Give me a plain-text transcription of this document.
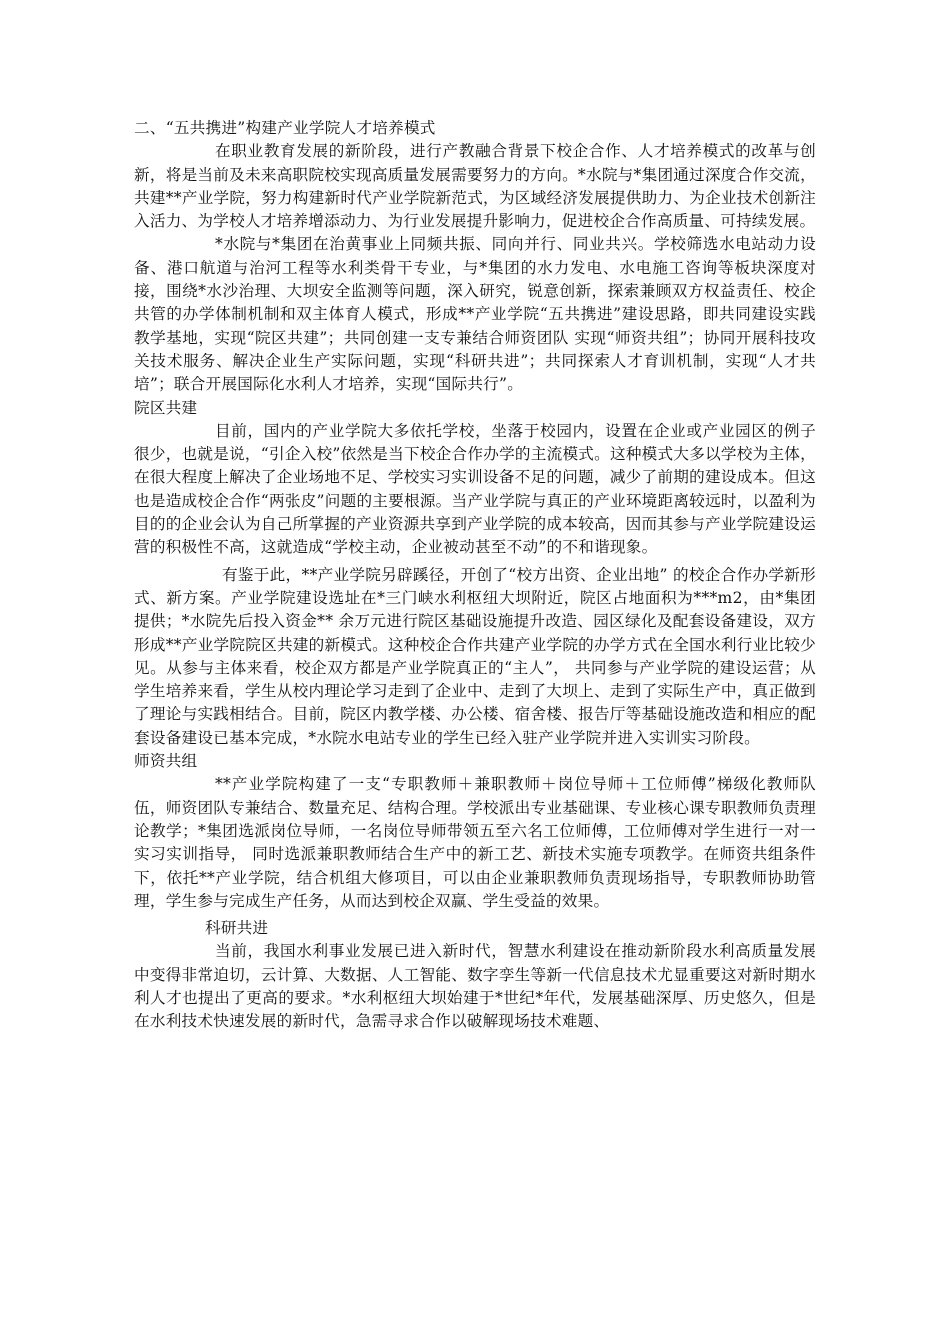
二、“五共携进”构建产业学院人才培养模式

在职业教育发展的新阶段，进行产教融合背景下校企合作、人才培养模式的改革与创新，将是当前及未来高职院校实现高质量发展需要努力的方向。*水院与*集团通过深度合作交流，共建**产业学院，努力构建新时代产业学院新范式，为区域经济发展提供助力、为企业技术创新注入活力、为学校人才培养增添动力、为行业发展提升影响力，促进校企合作高质量、可持续发展。

*水院与*集团在治黄事业上同频共振、同向并行、同业共兴。学校筛选水电站动力设备、港口航道与治河工程等水利类骨干专业，与*集团的水力发电、水电施工咨询等板块深度对接，围绕*水沙治理、大坝安全监测等问题，深入研究，锐意创新，探索兼顾双方权益责任、校企共管的办学体制机制和双主体育人模式，形成**产业学院“五共携进”建设思路，即共同建设实践教学基地，实现“院区共建”；共同创建一支专兼结合师资团队 实现“师资共组”；协同开展科技攻关技术服务、解决企业生产实际问题，实现“科研共进”；共同探索人才育训机制，实现“人才共培”；联合开展国际化水利人才培养，实现“国际共行”。

院区共建

目前，国内的产业学院大多依托学校，坐落于校园内，设置在企业或产业园区的例子很少，也就是说，“引企入校”依然是当下校企合作办学的主流模式。这种模式大多以学校为主体，在很大程度上解决了企业场地不足、学校实习实训设备不足的问题，减少了前期的建设成本。但这也是造成校企合作“两张皮”问题的主要根源。当产业学院与真正的产业环境距离较远时，以盈利为目的的企业会认为自己所掌握的产业资源共享到产业学院的成本较高，因而其参与产业学院建设运营的积极性不高，这就造成“学校主动，企业被动甚至不动”的不和谐现象。

有鉴于此，**产业学院另辟蹊径，开创了“校方出资、企业出地” 的校企合作办学新形式、新方案。产业学院建设选址在*三门峡水利枢纽大坝附近，院区占地面积为***m2，由*集团提供；*水院先后投入资金** 余万元进行院区基础设施提升改造、园区绿化及配套设备建设，双方形成**产业学院院区共建的新模式。这种校企合作共建产业学院的办学方式在全国水利行业比较少见。从参与主体来看，校企双方都是产业学院真正的“主人”， 共同参与产业学院的建设运营；从学生培养来看，学生从校内理论学习走到了企业中、走到了大坝上、走到了实际生产中，真正做到了理论与实践相结合。目前，院区内教学楼、办公楼、宿舍楼、报告厅等基础设施改造和相应的配套设备建设已基本完成，*水院水电站专业的学生已经入驻产业学院并进入实训实习阶段。

师资共组

**产业学院构建了一支“专职教师＋兼职教师＋岗位导师＋工位师傅”梯级化教师队伍，师资团队专兼结合、数量充足、结构合理。学校派出专业基础课、专业核心课专职教师负责理论教学；*集团选派岗位导师，一名岗位导师带领五至六名工位师傅，工位师傅对学生进行一对一实习实训指导， 同时选派兼职教师结合生产中的新工艺、新技术实施专项教学。在师资共组条件下，依托**产业学院，结合机组大修项目，可以由企业兼职教师负责现场指导，专职教师协助管理，学生参与完成生产任务，从而达到校企双赢、学生受益的效果。

科研共进

当前，我国水利事业发展已进入新时代，智慧水利建设在推动新阶段水利高质量发展中变得非常迫切，云计算、大数据、人工智能、数字孪生等新一代信息技术尤显重要这对新时期水利人才也提出了更高的要求。*水利枢纽大坝始建于*世纪*年代，发展基础深厚、历史悠久，但是在水利技术快速发展的新时代，急需寻求合作以破解现场技术难题、
